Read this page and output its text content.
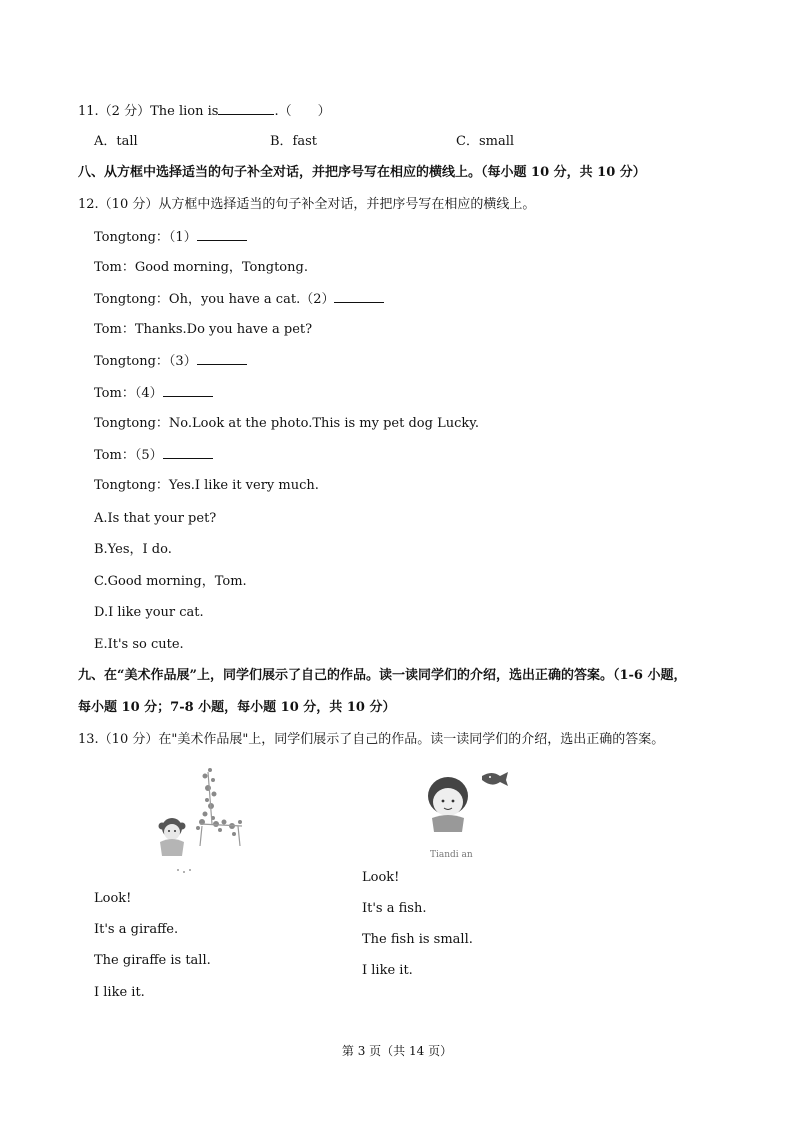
11.（2 分）The lion is	.（　　）
A．tall	B．fast	C．small
八、从方框中选择适当的句子补全对话，并把序号写在相应的横线上。（每小题 10 分，共 10 分）
12.（10 分）从方框中选择适当的句子补全对话，并把序号写在相应的横线上。
Tongtong：（1）
Tom：Good morning，Tongtong.
Tongtong：Oh，you have a cat.（2）
Tom：Thanks.Do you have a pet?
Tongtong：（3）
Tom：（4）
Tongtong：No.Look at the photo.This is my pet dog Lucky.
Tom：（5）
Tongtong：Yes.I like it very much.
A.Is that your pet?
B.Yes，I do.
C.Good morning，Tom.
D.I like your cat.
E.It's so cute.
九、在“美术作品展”上，同学们展示了自己的作品。读一读同学们的介绍，选出正确的答案。（1-6 小题，
每小题 10 分；7-8 小题，每小题 10 分，共 10 分）
13.（10 分）在"美术作品展"上，同学们展示了自己的作品。读一读同学们的介绍，选出正确的答案。
Tiandi an
Look!
It's a giraffe.
The giraffe is tall.
I like it.
Look!
It's a fish.
The fish is small.
I like it.
第 3 页（共 14 页）
